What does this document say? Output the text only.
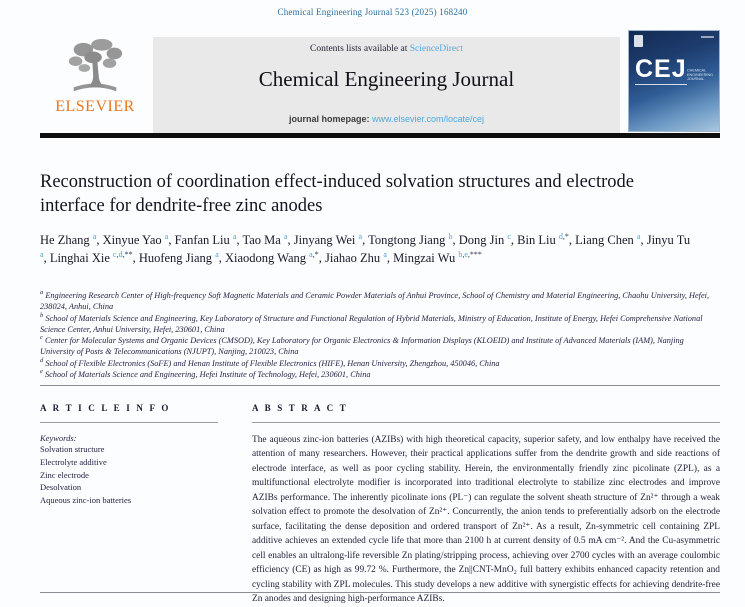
Chemical Engineering Journal 523 (2025) 168240
ELSEVIER
Contents lists available at ScienceDirect
Chemical Engineering Journal
journal homepage: www.elsevier.com/locate/cej
CEJ CHEMICAL
ENGINEERING
JOURNAL
Reconstruction of coordination effect-induced solvation structures and electrode interface for dendrite-free zinc anodes
He Zhang $^a$, Xinyue Yao $^a$, Fanfan Liu $^a$, Tao Ma $^a$, Jinyang Wei $^a$, Tongtong Jiang $^b$, Dong Jin $^c$, Bin Liu $^{d,*}$, Liang Chen $^a$, Jinyu Tu $^a$, Linghai Xie $^{c,d,**}$, Huofeng Jiang $^a$, Xiaodong Wang $^{a,*}$, Jiahao Zhu $^a$, Mingzai Wu $^{b,e,***}$
$^a$ Engineering Research Center of High-frequency Soft Magnetic Materials and Ceramic Powder Materials of Anhui Province, School of Chemistry and Material Engineering, Chaohu University, Hefei, 238024, Anhui, China
$^b$ School of Materials Science and Engineering, Key Laboratory of Structure and Functional Regulation of Hybrid Materials, Ministry of Education, Institute of Energy, Hefei Comprehensive National Science Center, Anhui University, Hefei, 230601, China
$^c$ Center for Molecular Systems and Organic Devices (CMSOD), Key Laboratory for Organic Electronics & Information Displays (KLOEID) and Institute of Advanced Materials (IAM), Nanjing University of Posts & Telecommunications (NJUPT), Nanjing, 210023, China
$^d$ School of Flexible Electronics (SoFE) and Henan Institute of Flexible Electronics (HIFE), Henan University, Zhengzhou, 450046, China
$^e$ School of Materials Science and Engineering, Hefei Institute of Technology, Hefei, 230601, China
A R T I C L E I N F O
Keywords:
Solvation structure
Electrolyte additive
Zinc electrode
Desolvation
Aqueous zinc-ion batteries
A B S T R A C T
The aqueous zinc-ion batteries (AZIBs) with high theoretical capacity, superior safety, and low enthalpy have received the attention of many researchers. However, their practical applications suffer from the dendrite growth and side reactions of electrode interface, as well as poor cycling stability. Herein, the environmentally friendly zinc picolinate (ZPL), as a multifunctional electrolyte modifier is incorporated into traditional electrolyte to stabilize zinc electrodes and improve AZIBs performance. The inherently picolinate ions (PL⁻) can regulate the solvent sheath structure of Zn²⁺ through a weak solvation effect to promote the desolvation of Zn²⁺. Concurrently, the anion tends to preferentially adsorb on the electrode surface, facilitating the dense deposition and ordered transport of Zn²⁺. As a result, Zn-symmetric cell containing ZPL additive achieves an extended cycle life that more than 2100 h at current density of 0.5 mA cm⁻². And the Cu-asymmetric cell enables an ultralong-life reversible Zn plating/stripping process, achieving over 2700 cycles with an average coulombic efficiency (CE) as high as 99.72 %. Furthermore, the Zn||CNT-MnO₂ full battery exhibits enhanced capacity retention and cycling stability with ZPL molecules. This study develops a new additive with synergistic effects for achieving dendrite-free Zn anodes and designing high-performance AZIBs.
